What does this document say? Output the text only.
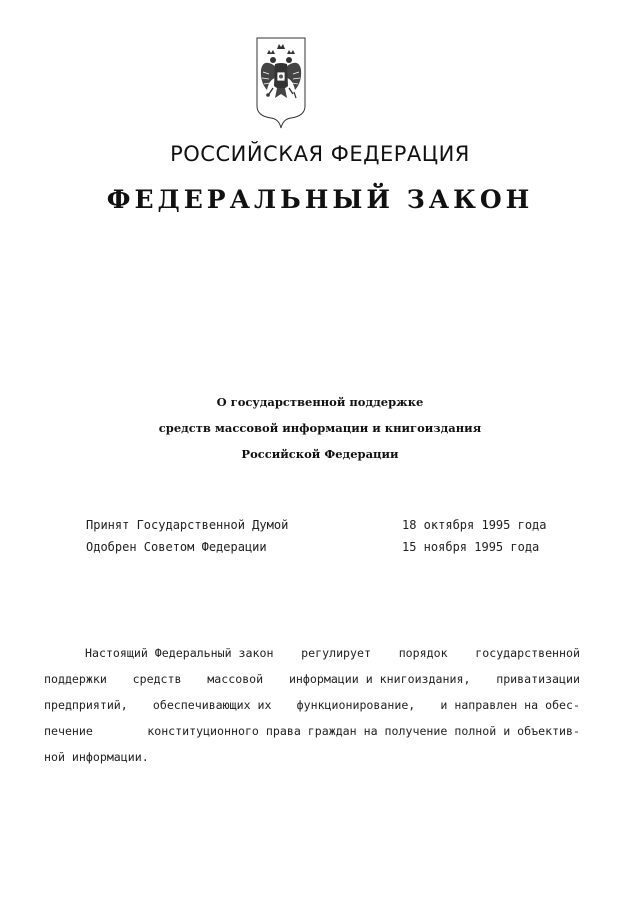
РОССИЙСКАЯ ФЕДЕРАЦИЯ
ФЕДЕРАЛЬНЫЙ ЗАКОН
О государственной поддержке
средств массовой информации и книгоиздания
Российской Федерации
Принят Государственной Думой	18 октября 1995 года
Одобрен Советом Федерации	15 ноября 1995 года
Настоящий Федеральный закон регулирует порядок государственной
поддержки средств массовой информации и книгоиздания, приватизации
предприятий, обеспечивающих их функционирование, и направлен на обес-
печение	конституционного права граждан на получение полной и объектив-
ной информации.
